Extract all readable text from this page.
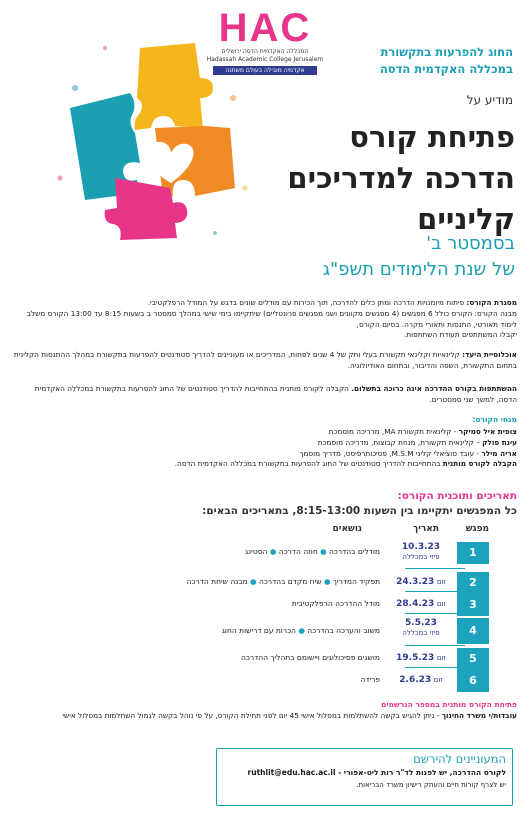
HAC
המכללה האקדמית הדסה ירושלים
Hadassah Academic College Jerusalem
אקדמיה מובילה בעולם משתנה
החוג להפרעות בתקשורת
במכללה האקדמית הדסה
מודיע על
פתיחת קורס
הדרכה למדריכים
קליניים
בסמסטר ב'
של שנת הלימודים תשפ"ג
מסגרת הקורס: פיתוח מיומנויות הדרכה ומתן כלים להדרכה, תוך הכירות עם מודלים שונים בדגש על המודל הרפלקטיבי.
מבנה הקורס: הקורס כולל 6 מפגשים (4 מפגשים מקוונים ושני מפגשים פרונטליים) שיתקיימו בימי שישי במהלך סמסטר ב בשעות 8:15 עד 13:00 הקורס משלב לימוד תאורטי, התנסות ותאורי מקרה. בסיום הקורס,
יקבלו המשתתפים תעודת השתתפות.
אוכלוסיית היעד: קלינאיות וקלינאי תקשורת בעלי ותק של 4 שנים לפחות, המדריכים או מעוניינים להדריך סטודנטים להפרעות בתקשורת במהלך ההתנסות הקלינית בתחום התקשורת, השפה והדיבור, ובתחום האודיולוגיה.
ההשתתפות בקורס ההדרכה אינה כרוכה בתשלום. הקבלה לקורס מותנית בהתחייבות להדריך סטודנטים של החוג להפרעות בתקשורת במכללה האקדמית הדסה, למשך שני סמסטרים.
מנחי הקורס:
צופית איל סמיקר - קלינאית תקשורת MA, מדריכה מוסמכת
עינת פולק – קלינאית תקשורת, מנחת קבוצות, מדריכה מוסמכת
אריה מילר - עובד סוציאלי קליני M.S.M, פסיכותרפיסט, מדריך מוסמך
הקבלה לקורס מותנית בהתחייבות להדריך סטודנטים של החוג להפרעות בתקשורת במכללה האקדמית הדסה.
תאריכים ותוכנית הקורס:
כל המפגשים יתקיימו בין השעות 8:15-13:00, בתאריכים הבאים:
מפגש
תאריך
נושאים
1
10.3.23
פיזי במכללה
מודלים בהדרכה ● חוזה הדרכה ● הסטינג
2
24.3.23 זום
תפקיד המדריך ● שיח מקדם בהדרכה ● מבנה שיחת הדרכה
3
28.4.23 זום
מודל ההדרכה הרפלקטיבית
4
5.5.23
פיזי במכללה
משוב והערכה בהדרכה ● הכרות עם דרישות החוג
5
19.5.23 זום
מושגים פסיכולוגים ויישומם בתהליך ההדרכה
6
2.6.23 זום
פרידה
פתיחת הקורס מותנית במספר הנרשמים
עובדות/י משרד החינוך - ניתן להגיש בקשה להשתלמות במסלול אישי 45 יום לפני תחילת הקורס, על פי נוהל בקשה לגמול השתלמות במסלול אישי
המעוניינים להירשם
לקורס ההדרכה, יש לפנות לד"ר רות ליט-אפורי - ruthlit@edu.hac.ac.il
יש לצרף קורות חיים והעתק רישיון משרד הבריאות.
